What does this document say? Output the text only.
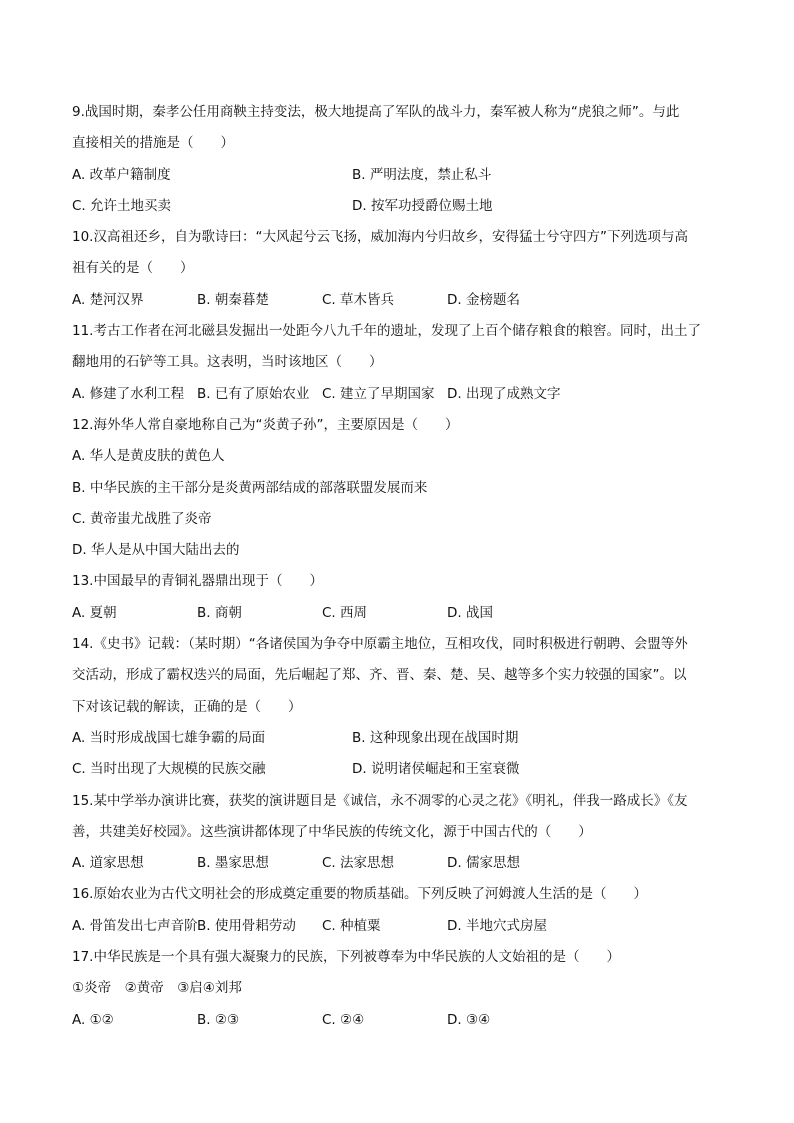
9.战国时期，秦孝公任用商鞅主持变法，极大地提高了军队的战斗力，秦军被人称为“虎狼之师”。与此
直接相关的措施是（　　）
A. 改革户籍制度	B. 严明法度，禁止私斗
C. 允许土地买卖	D. 按军功授爵位赐土地
10.汉高祖还乡，自为歌诗曰：“大风起兮云飞扬，威加海内兮归故乡，安得猛士兮守四方”下列选项与高
祖有关的是（　　）
A. 楚河汉界	B. 朝秦暮楚	C. 草木皆兵	D. 金榜题名
11.考古工作者在河北磁县发掘出一处距今八九千年的遗址，发现了上百个储存粮食的粮窖。同时，出土了
翻地用的石铲等工具。这表明，当时该地区（　　）
A. 修建了水利工程 B. 已有了原始农业 C. 建立了早期国家 D. 出现了成熟文字
12.海外华人常自豪地称自己为“炎黄子孙”，主要原因是（　　）
A. 华人是黄皮肤的黄色人
B. 中华民族的主干部分是炎黄两部结成的部落联盟发展而来
C. 黄帝蚩尤战胜了炎帝
D. 华人是从中国大陆出去的
13.中国最早的青铜礼器鼎出现于（　　）
A. 夏朝	B. 商朝	C. 西周	D. 战国
14.《史书》记载：（某时期）“各诸侯国为争夺中原霸主地位，互相攻伐，同时积极进行朝聘、会盟等外
交活动，形成了霸权迭兴的局面，先后崛起了郑、齐、晋、秦、楚、吴、越等多个实力较强的国家”。以
下对该记载的解读，正确的是（　　）
A. 当时形成战国七雄争霸的局面	B. 这种现象出现在战国时期
C. 当时出现了大规模的民族交融	D. 说明诸侯崛起和王室衰微
15.某中学举办演讲比赛，获奖的演讲题目是《诚信，永不凋零的心灵之花》《明礼，伴我一路成长》《友
善，共建美好校园》。这些演讲都体现了中华民族的传统文化，源于中国古代的（　　）
A. 道家思想	B. 墨家思想	C. 法家思想	D. 儒家思想
16.原始农业为古代文明社会的形成奠定重要的物质基础。下列反映了河姆渡人生活的是（　　）
A. 骨笛发出七声音阶 B. 使用骨耜劳动	C. 种植粟	D. 半地穴式房屋
17.中华民族是一个具有强大凝聚力的民族，下列被尊奉为中华民族的人文始祖的是（　　）
①炎帝　②黄帝　③启④刘邦
A. ①②	B. ②③	C. ②④	D. ③④
